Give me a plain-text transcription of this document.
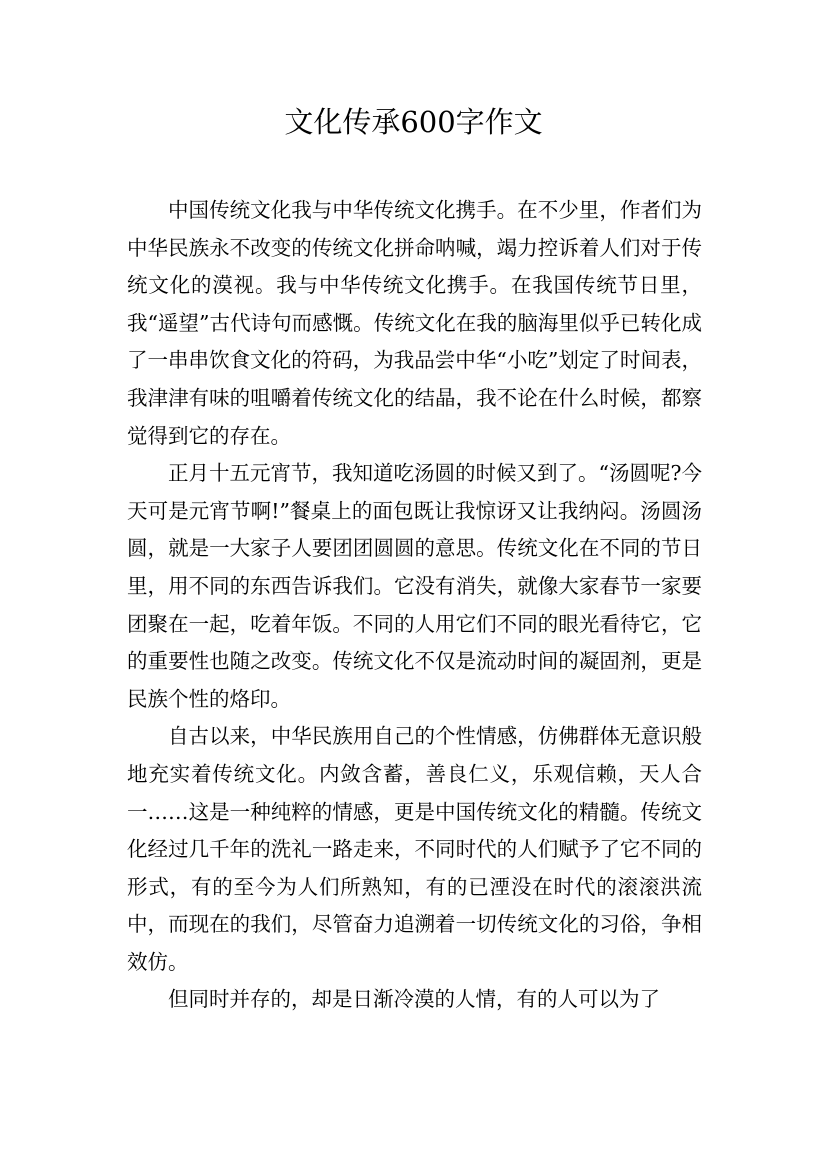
文化传承600字作文

中国传统文化我与中华传统文化携手。在不少里，作者们为中华民族永不改变的传统文化拼命呐喊，竭力控诉着人们对于传统文化的漠视。我与中华传统文化携手。在我国传统节日里，我“遥望”古代诗句而感慨。传统文化在我的脑海里似乎已转化成了一串串饮食文化的符码，为我品尝中华“小吃”划定了时间表，我津津有味的咀嚼着传统文化的结晶，我不论在什么时候，都察觉得到它的存在。

正月十五元宵节，我知道吃汤圆的时候又到了。“汤圆呢?今天可是元宵节啊!”餐桌上的面包既让我惊讶又让我纳闷。汤圆汤圆，就是一大家子人要团团圆圆的意思。传统文化在不同的节日里，用不同的东西告诉我们。它没有消失，就像大家春节一家要团聚在一起，吃着年饭。不同的人用它们不同的眼光看待它，它的重要性也随之改变。传统文化不仅是流动时间的凝固剂，更是民族个性的烙印。

自古以来，中华民族用自己的个性情感，仿佛群体无意识般地充实着传统文化。内敛含蓄，善良仁义，乐观信赖，天人合一……这是一种纯粹的情感，更是中国传统文化的精髓。传统文化经过几千年的洗礼一路走来，不同时代的人们赋予了它不同的形式，有的至今为人们所熟知，有的已湮没在时代的滚滚洪流中，而现在的我们，尽管奋力追溯着一切传统文化的习俗，争相效仿。

但同时并存的，却是日渐冷漠的人情，有的人可以为了
